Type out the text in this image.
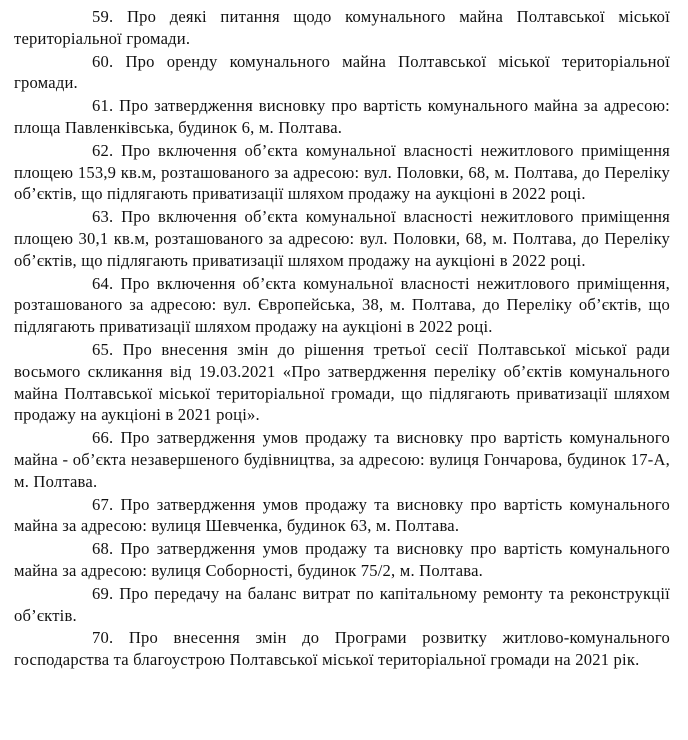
59. Про деякі питання щодо комунального майна Полтавської міської територіальної громади.

60. Про оренду комунального майна Полтавської міської територіальної громади.

61. Про затвердження висновку про вартість комунального майна за адресою: площа Павленківська, будинок 6, м. Полтава.

62. Про включення об’єкта комунальної власності нежитлового приміщення площею 153,9 кв.м, розташованого за адресою: вул. Половки, 68, м. Полтава, до Переліку об’єктів, що підлягають приватизації шляхом продажу на аукціоні в 2022 році.

63. Про включення об’єкта комунальної власності нежитлового приміщення площею 30,1 кв.м, розташованого за адресою: вул. Половки, 68, м. Полтава, до Переліку об’єктів, що підлягають приватизації шляхом продажу на аукціоні в 2022 році.

64. Про включення об’єкта комунальної власності нежитлового приміщення, розташованого за адресою: вул. Європейська, 38, м. Полтава, до Переліку об’єктів, що підлягають приватизації шляхом продажу на аукціоні в 2022 році.

65. Про внесення змін до рішення третьої сесії Полтавської міської ради восьмого скликання від 19.03.2021 «Про затвердження переліку об’єктів комунального майна Полтавської міської територіальної громади, що підлягають приватизації шляхом продажу на аукціоні в 2021 році».

66. Про затвердження умов продажу та висновку про вартість комунального майна - об’єкта незавершеного будівництва, за адресою: вулиця Гончарова, будинок 17-А, м. Полтава.

67. Про затвердження умов продажу та висновку про вартість комунального майна за адресою: вулиця Шевченка, будинок 63, м. Полтава.

68. Про затвердження умов продажу та висновку про вартість комунального майна за адресою: вулиця Соборності, будинок 75/2, м. Полтава.

69. Про передачу на баланс витрат по капітальному ремонту та реконструкції об’єктів.

70. Про внесення змін до Програми розвитку житлово-комунального господарства та благоустрою Полтавської міської територіальної громади на 2021 рік.
